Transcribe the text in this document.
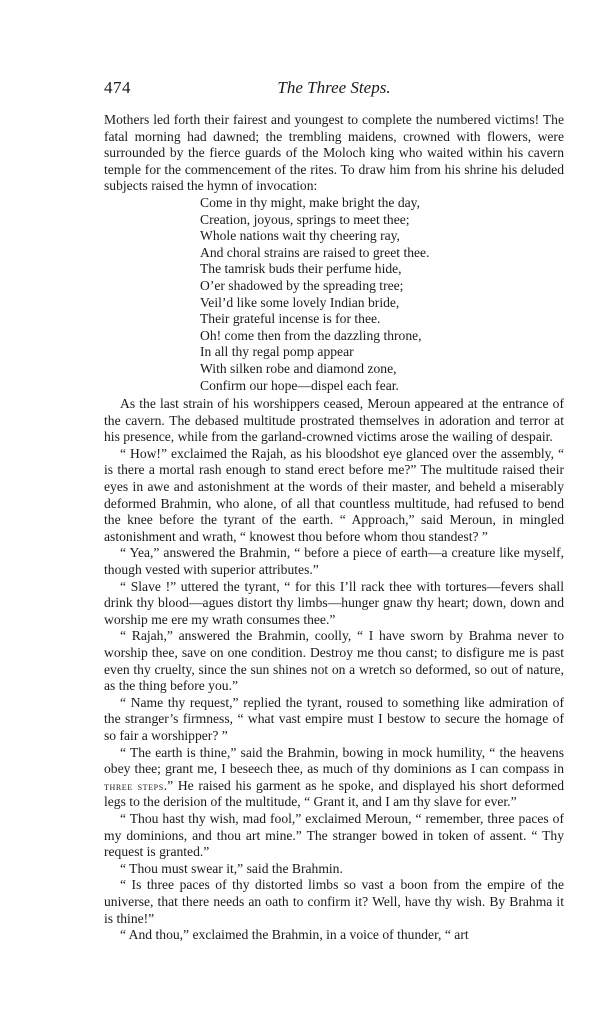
474	The Three Steps.

Mothers led forth their fairest and youngest to complete the numbered victims! The fatal morning had dawned; the trembling maidens, crowned with flowers, were surrounded by the fierce guards of the Moloch king who waited within his cavern temple for the commencement of the rites. To draw him from his shrine his deluded subjects raised the hymn of invocation:

Come in thy might, make bright the day,
Creation, joyous, springs to meet thee;
Whole nations wait thy cheering ray,
And choral strains are raised to greet thee.
The tamrisk buds their perfume hide,
O’er shadowed by the spreading tree;
Veil’d like some lovely Indian bride,
Their grateful incense is for thee.
Oh! come then from the dazzling throne,
In all thy regal pomp appear
With silken robe and diamond zone,
Confirm our hope—dispel each fear.

As the last strain of his worshippers ceased, Meroun appeared at the entrance of the cavern. The debased multitude prostrated themselves in adoration and terror at his presence, while from the garland-crowned victims arose the wailing of despair.

“ How!” exclaimed the Rajah, as his bloodshot eye glanced over the assembly, “ is there a mortal rash enough to stand erect before me?” The multitude raised their eyes in awe and astonishment at the words of their master, and beheld a miserably deformed Brahmin, who alone, of all that countless multitude, had refused to bend the knee before the tyrant of the earth. “ Approach,” said Meroun, in mingled astonishment and wrath, “ knowest thou before whom thou standest? ”

“ Yea,” answered the Brahmin, “ before a piece of earth—a creature like myself, though vested with superior attributes.”

“ Slave !” uttered the tyrant, “ for this I’ll rack thee with tortures—fevers shall drink thy blood—agues distort thy limbs—hunger gnaw thy heart; down, down and worship me ere my wrath consumes thee.”

“ Rajah,” answered the Brahmin, coolly, “ I have sworn by Brahma never to worship thee, save on one condition. Destroy me thou canst; to disfigure me is past even thy cruelty, since the sun shines not on a wretch so deformed, so out of nature, as the thing before you.”

“ Name thy request,” replied the tyrant, roused to something like admiration of the stranger’s firmness, “ what vast empire must I bestow to secure the homage of so fair a worshipper? ”

“ The earth is thine,” said the Brahmin, bowing in mock humility, “ the heavens obey thee; grant me, I beseech thee, as much of thy dominions as I can compass in three steps.” He raised his garment as he spoke, and displayed his short deformed legs to the derision of the multitude, “ Grant it, and I am thy slave for ever.”

“ Thou hast thy wish, mad fool,” exclaimed Meroun, “ remember, three paces of my dominions, and thou art mine.” The stranger bowed in token of assent. “ Thy request is granted.”

“ Thou must swear it,” said the Brahmin.

“ Is three paces of thy distorted limbs so vast a boon from the empire of the universe, that there needs an oath to confirm it? Well, have thy wish. By Brahma it is thine!”

“ And thou,” exclaimed the Brahmin, in a voice of thunder, “ art
